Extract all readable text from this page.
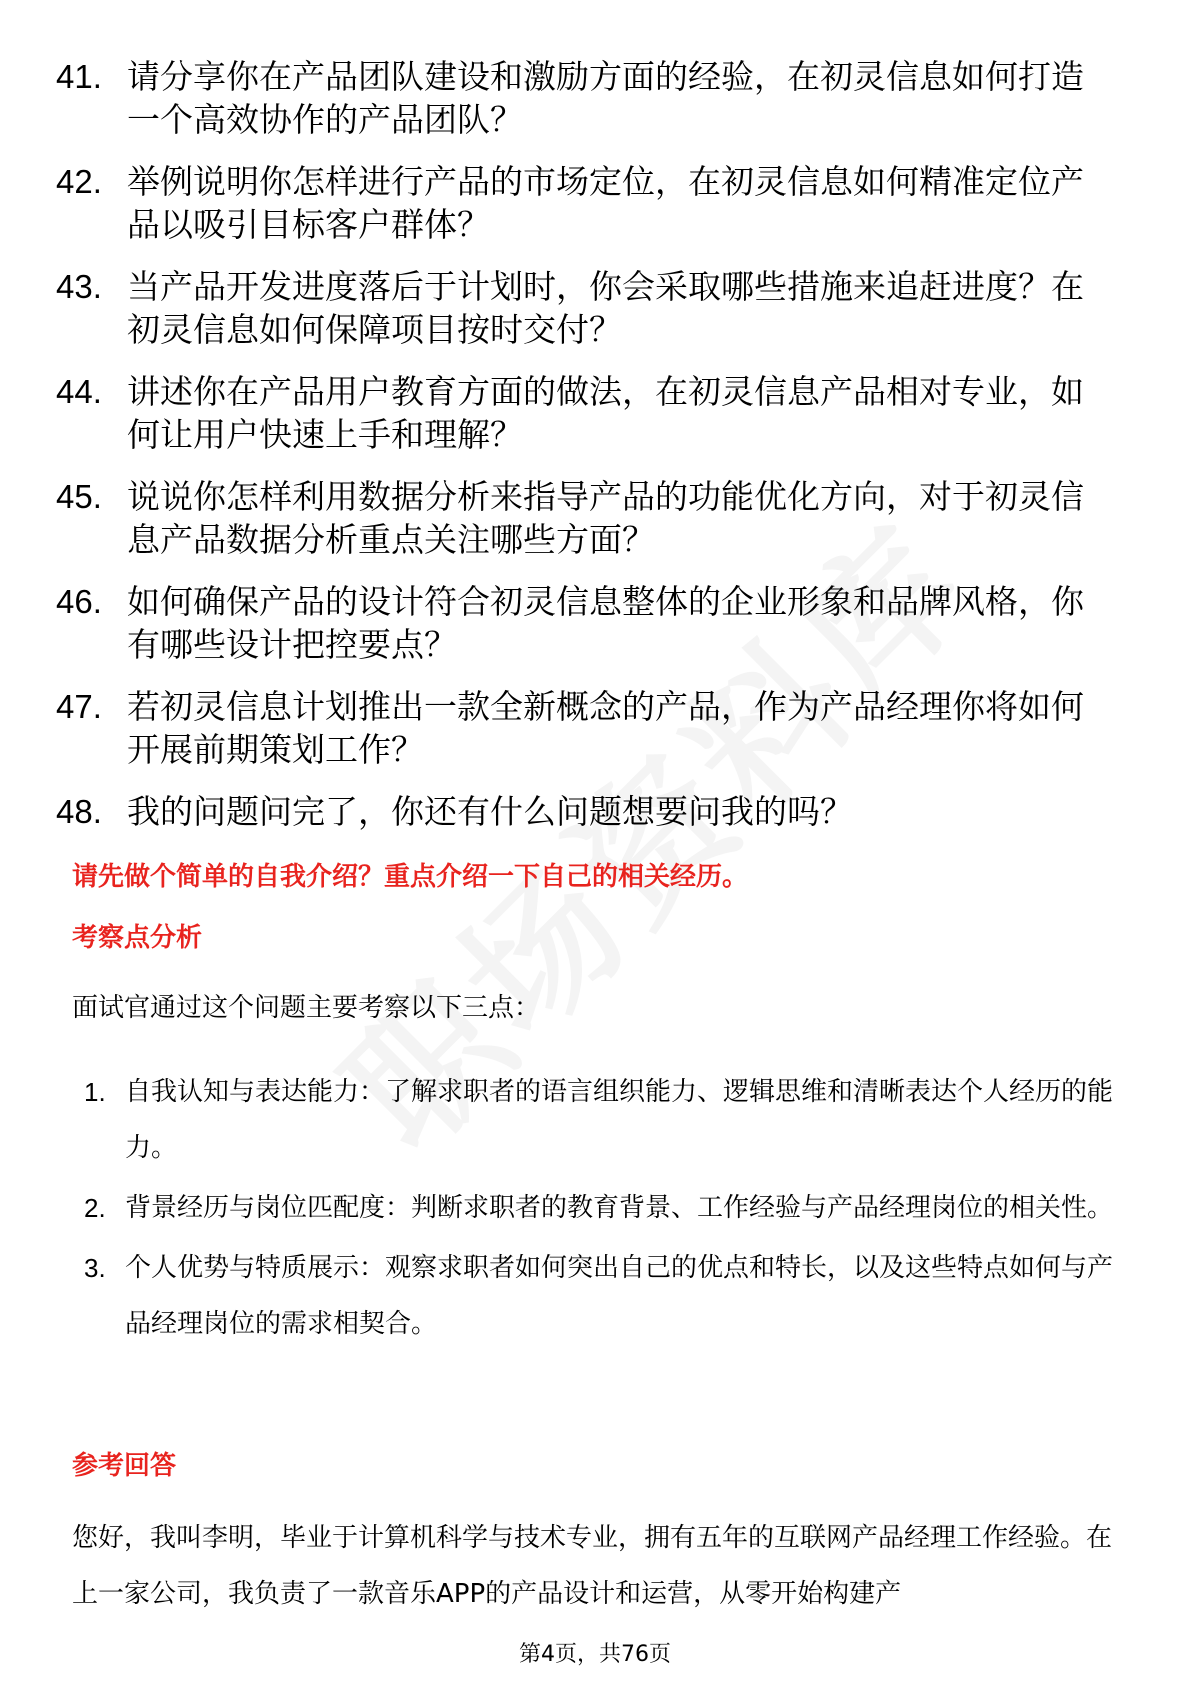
41. 请分享你在产品团队建设和激励方面的经验，在初灵信息如何打造一个高效协作的产品团队？
42. 举例说明你怎样进行产品的市场定位，在初灵信息如何精准定位产品以吸引目标客户群体？
43. 当产品开发进度落后于计划时，你会采取哪些措施来追赶进度？在初灵信息如何保障项目按时交付？
44. 讲述你在产品用户教育方面的做法，在初灵信息产品相对专业，如何让用户快速上手和理解？
45. 说说你怎样利用数据分析来指导产品的功能优化方向，对于初灵信息产品数据分析重点关注哪些方面？
46. 如何确保产品的设计符合初灵信息整体的企业形象和品牌风格，你有哪些设计把控要点？
47. 若初灵信息计划推出一款全新概念的产品，作为产品经理你将如何开展前期策划工作？
48. 我的问题问完了，你还有什么问题想要问我的吗？
请先做个简单的自我介绍？重点介绍一下自己的相关经历。
考察点分析
面试官通过这个问题主要考察以下三点：
1. 自我认知与表达能力：了解求职者的语言组织能力、逻辑思维和清晰表达个人经历的能力。
2. 背景经历与岗位匹配度：判断求职者的教育背景、工作经验与产品经理岗位的相关性。
3. 个人优势与特质展示：观察求职者如何突出自己的优点和特长，以及这些特点如何与产品经理岗位的需求相契合。
参考回答
您好，我叫李明，毕业于计算机科学与技术专业，拥有五年的互联网产品经理工作经验。在上一家公司，我负责了一款音乐APP的产品设计和运营，从零开始构建产
第4页，共76页
